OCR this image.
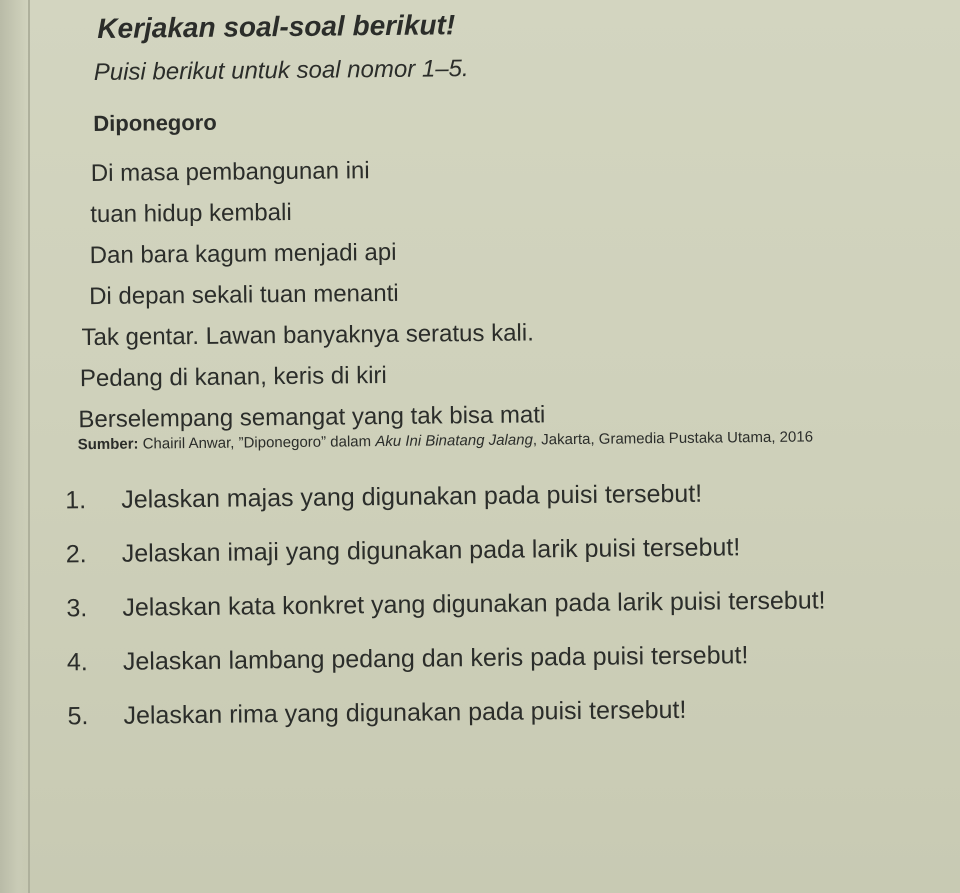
Kerjakan soal-soal berikut!

Puisi berikut untuk soal nomor 1–5.

Diponegoro

Di masa pembangunan ini
tuan hidup kembali
Dan bara kagum menjadi api
Di depan sekali tuan menanti
Tak gentar. Lawan banyaknya seratus kali.
Pedang di kanan, keris di kiri
Berselempang semangat yang tak bisa mati

Sumber: Chairil Anwar, ”Diponegoro” dalam Aku Ini Binatang Jalang, Jakarta, Gramedia Pustaka Utama, 2016

1.	Jelaskan majas yang digunakan pada puisi tersebut!
2.	Jelaskan imaji yang digunakan pada larik puisi tersebut!
3.	Jelaskan kata konkret yang digunakan pada larik puisi tersebut!
4.	Jelaskan lambang pedang dan keris pada puisi tersebut!
5.	Jelaskan rima yang digunakan pada puisi tersebut!
